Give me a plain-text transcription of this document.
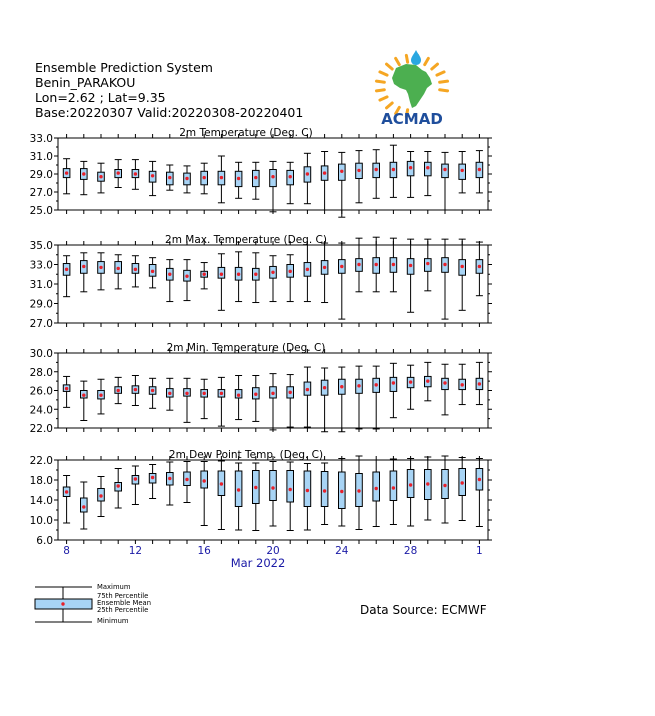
Ensemble Prediction System
Benin_PARAKOU
Lon=2.62 ; Lat=9.35
Base:20220307 Valid:20220308-20220401	ACMAD
2m Temperature (Deg. C)
25.0
27.0
29.0
31.0
33.0
2m Max. Temperature (Deg. C)
27.0
29.0
31.0
33.0
35.0
2m Min. Temperature (Deg. C)
22.0
24.0
26.0
28.0
30.0
2m Dew Point Temp. (Deg. C)
6.0
10.0
14.0
18.0
22.0
8	12	16	20	24	28	1
Mar 2022
Maximum
75th Percentile
Ensemble Mean
25th Percentile
Minimum
Data Source: ECMWF
